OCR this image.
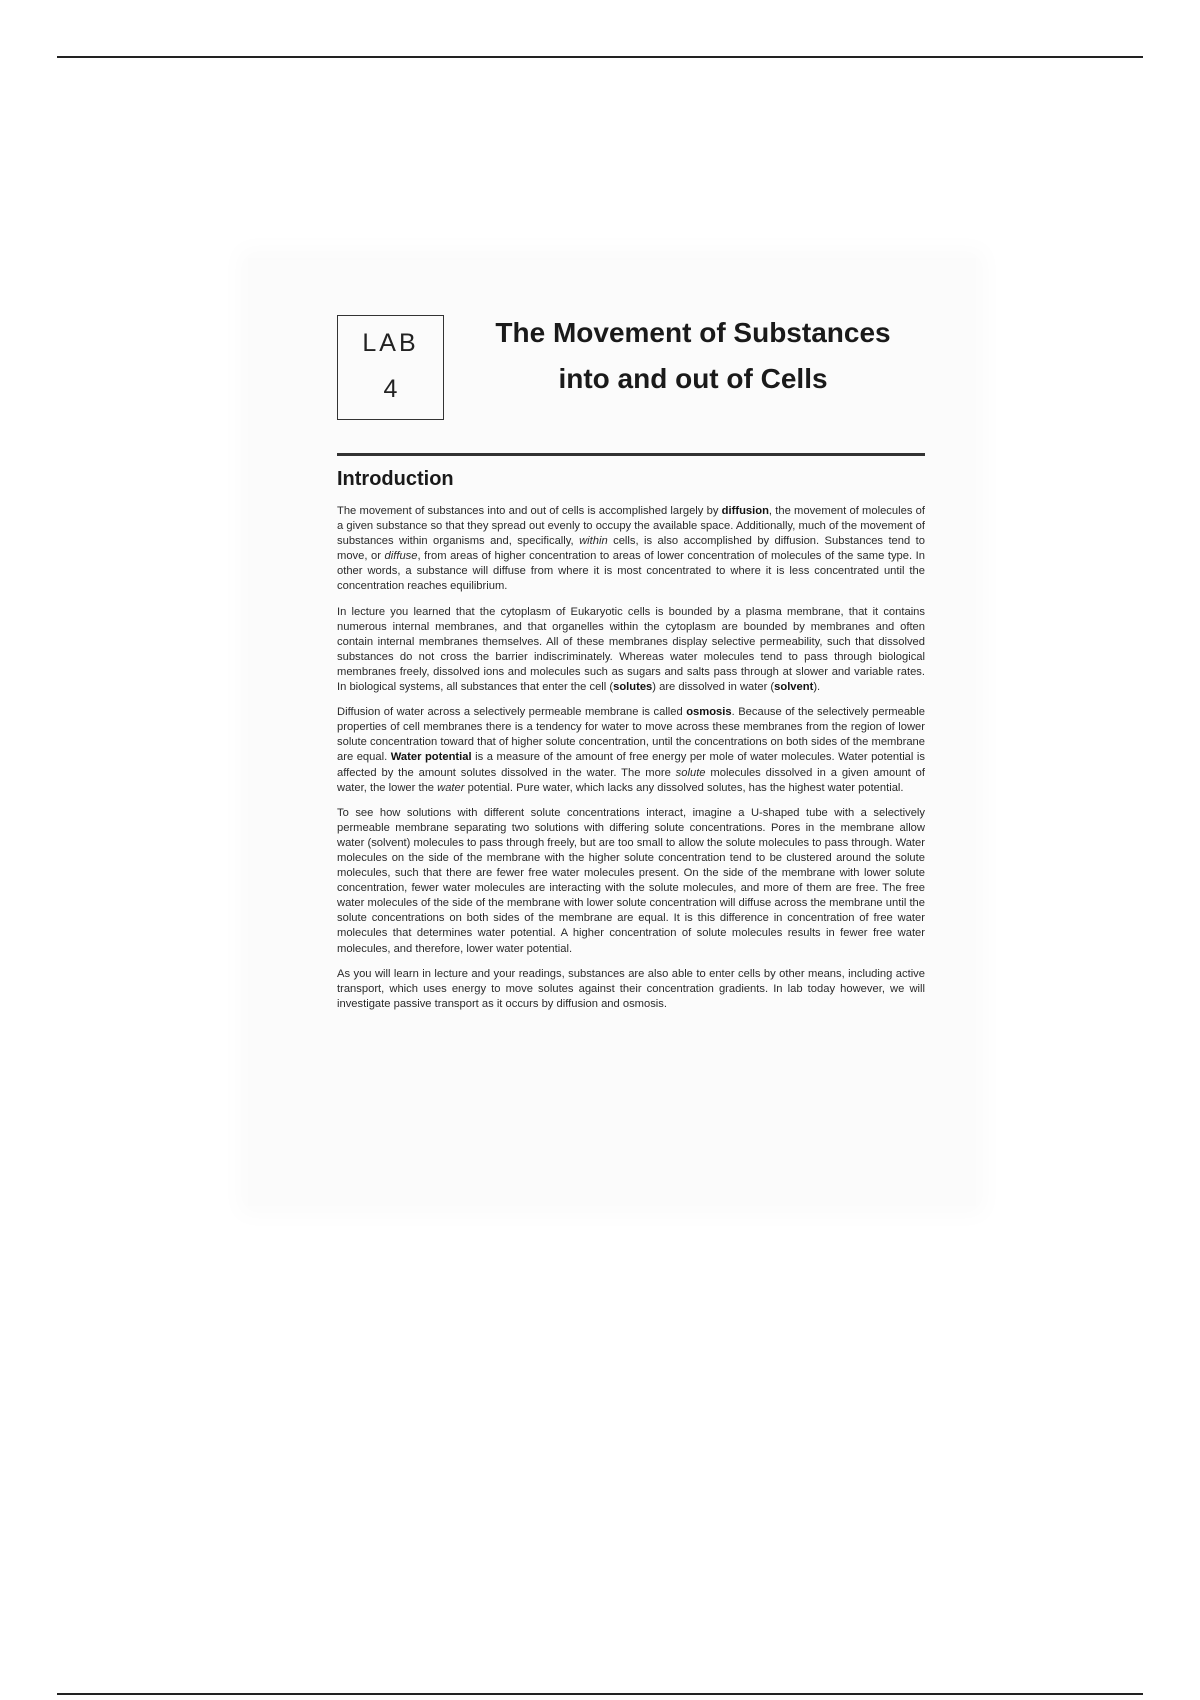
LAB
4
The Movement of Substances
into and out of Cells
Introduction

The movement of substances into and out of cells is accomplished largely by diffusion, the movement of molecules of a given substance so that they spread out evenly to occupy the available space. Additionally, much of the movement of substances within organisms and, specifically, within cells, is also accomplished by diffusion. Substances tend to move, or diffuse, from areas of higher concentration to areas of lower concentration of molecules of the same type. In other words, a substance will diffuse from where it is most concentrated to where it is less concentrated until the concentration reaches equilibrium.

In lecture you learned that the cytoplasm of Eukaryotic cells is bounded by a plasma membrane, that it contains numerous internal membranes, and that organelles within the cytoplasm are bounded by membranes and often contain internal membranes themselves. All of these membranes display selective permeability, such that dissolved substances do not cross the barrier indiscriminately. Whereas water molecules tend to pass through biological membranes freely, dissolved ions and molecules such as sugars and salts pass through at slower and variable rates. In biological systems, all substances that enter the cell (solutes) are dissolved in water (solvent).

Diffusion of water across a selectively permeable membrane is called osmosis. Because of the selectively permeable properties of cell membranes there is a tendency for water to move across these membranes from the region of lower solute concentration toward that of higher solute concentration, until the concentrations on both sides of the membrane are equal. Water potential is a measure of the amount of free energy per mole of water molecules. Water potential is affected by the amount solutes dissolved in the water. The more solute molecules dissolved in a given amount of water, the lower the water potential. Pure water, which lacks any dissolved solutes, has the highest water potential.

To see how solutions with different solute concentrations interact, imagine a U-shaped tube with a selectively permeable membrane separating two solutions with differing solute concentrations. Pores in the membrane allow water (solvent) molecules to pass through freely, but are too small to allow the solute molecules to pass through. Water molecules on the side of the membrane with the higher solute concentration tend to be clustered around the solute molecules, such that there are fewer free water molecules present. On the side of the membrane with lower solute concentration, fewer water molecules are interacting with the solute molecules, and more of them are free. The free water molecules of the side of the membrane with lower solute concentration will diffuse across the membrane until the solute concentrations on both sides of the membrane are equal. It is this difference in concentration of free water molecules that determines water potential. A higher concentration of solute molecules results in fewer free water molecules, and therefore, lower water potential.

As you will learn in lecture and your readings, substances are also able to enter cells by other means, including active transport, which uses energy to move solutes against their concentration gradients. In lab today however, we will investigate passive transport as it occurs by diffusion and osmosis.
